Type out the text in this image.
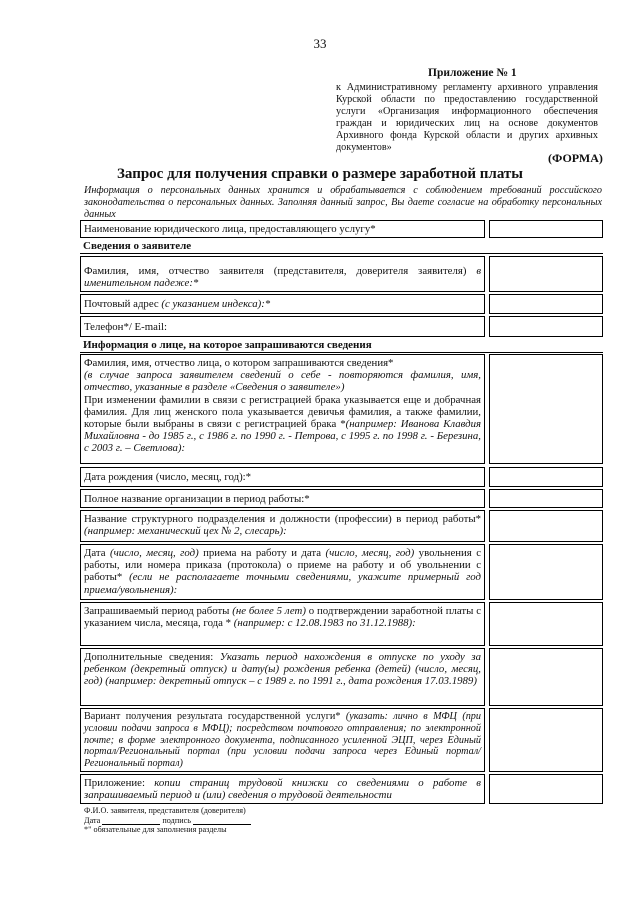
33
Приложение № 1
к Административному регламенту архивного управления Курской области по предоставлению государственной услуги «Организация информационного обеспечения граждан и юридических лиц на основе документов Архивного фонда Курской области и других архивных документов»
(ФОРМА)
Запрос для получения справки о размере заработной платы
Информация о персональных данных хранится и обрабатывается с соблюдением требований российского законодательства о персональных данных. Заполняя данный запрос, Вы даете согласие на обработку персональных данных
Наименование юридического лица, предоставляющего услугу*
Сведения о заявителе
Фамилия, имя, отчество заявителя (представителя, доверителя заявителя) в именительном падеже:*
Почтовый адрес (с указанием индекса):*
Телефон*/ E-mail:
Информация о лице, на которое запрашиваются сведения
Фамилия, имя, отчество лица, о котором запрашиваются сведения*
(в случае запроса заявителем сведений о себе - повторяются фамилия, имя, отчество, указанные в разделе «Сведения о заявителе»)
При изменении фамилии в связи с регистрацией брака указывается еще и добрачная фамилия. Для лиц женского пола указывается девичья фамилия, а также фамилии, которые были выбраны в связи с регистрацией брака *(например: Иванова Клавдия Михайловна - до 1985 г., с 1986 г. по 1990 г. - Петрова, с 1995 г. по 1998 г. - Березина, с 2003 г. – Светлова):
Дата рождения (число, месяц, год):*
Полное название организации в период работы:*
Название структурного подразделения и должности (профессии) в период работы* (например: механический цех № 2, слесарь):
Дата (число, месяц, год) приема на работу и дата (число, месяц, год) увольнения с работы, или номера приказа (протокола) о приеме на работу и об увольнении с работы* (если не располагаете точными сведениями, укажите примерный год приема/увольнения):
Запрашиваемый период работы (не более 5 лет) о подтверждении заработной платы с указанием числа, месяца, года * (например: с 12.08.1983 по 31.12.1988):
Дополнительные сведения: Указать период нахождения в отпуске по уходу за ребенком (декретный отпуск) и дату(ы) рождения ребенка (детей) (число, месяц, год) (например: декретный отпуск – с 1989 г. по 1991 г., дата рождения 17.03.1989)
Вариант получения результата государственной услуги* (указать: лично в МФЦ (при условии подачи запроса в МФЦ); посредством почтового отправления; по электронной почте; в форме электронного документа, подписанного усиленной ЭЦП, через Единый портал/Региональный портал (при условии подачи запроса через Единый портал/Региональный портал)
Приложение: копии страниц трудовой книжки со сведениями о работе в запрашиваемый период и (или) сведения о трудовой деятельности
Ф.И.О. заявителя, представителя (доверителя)
Дата	подпись
*" обязательные для заполнения разделы
